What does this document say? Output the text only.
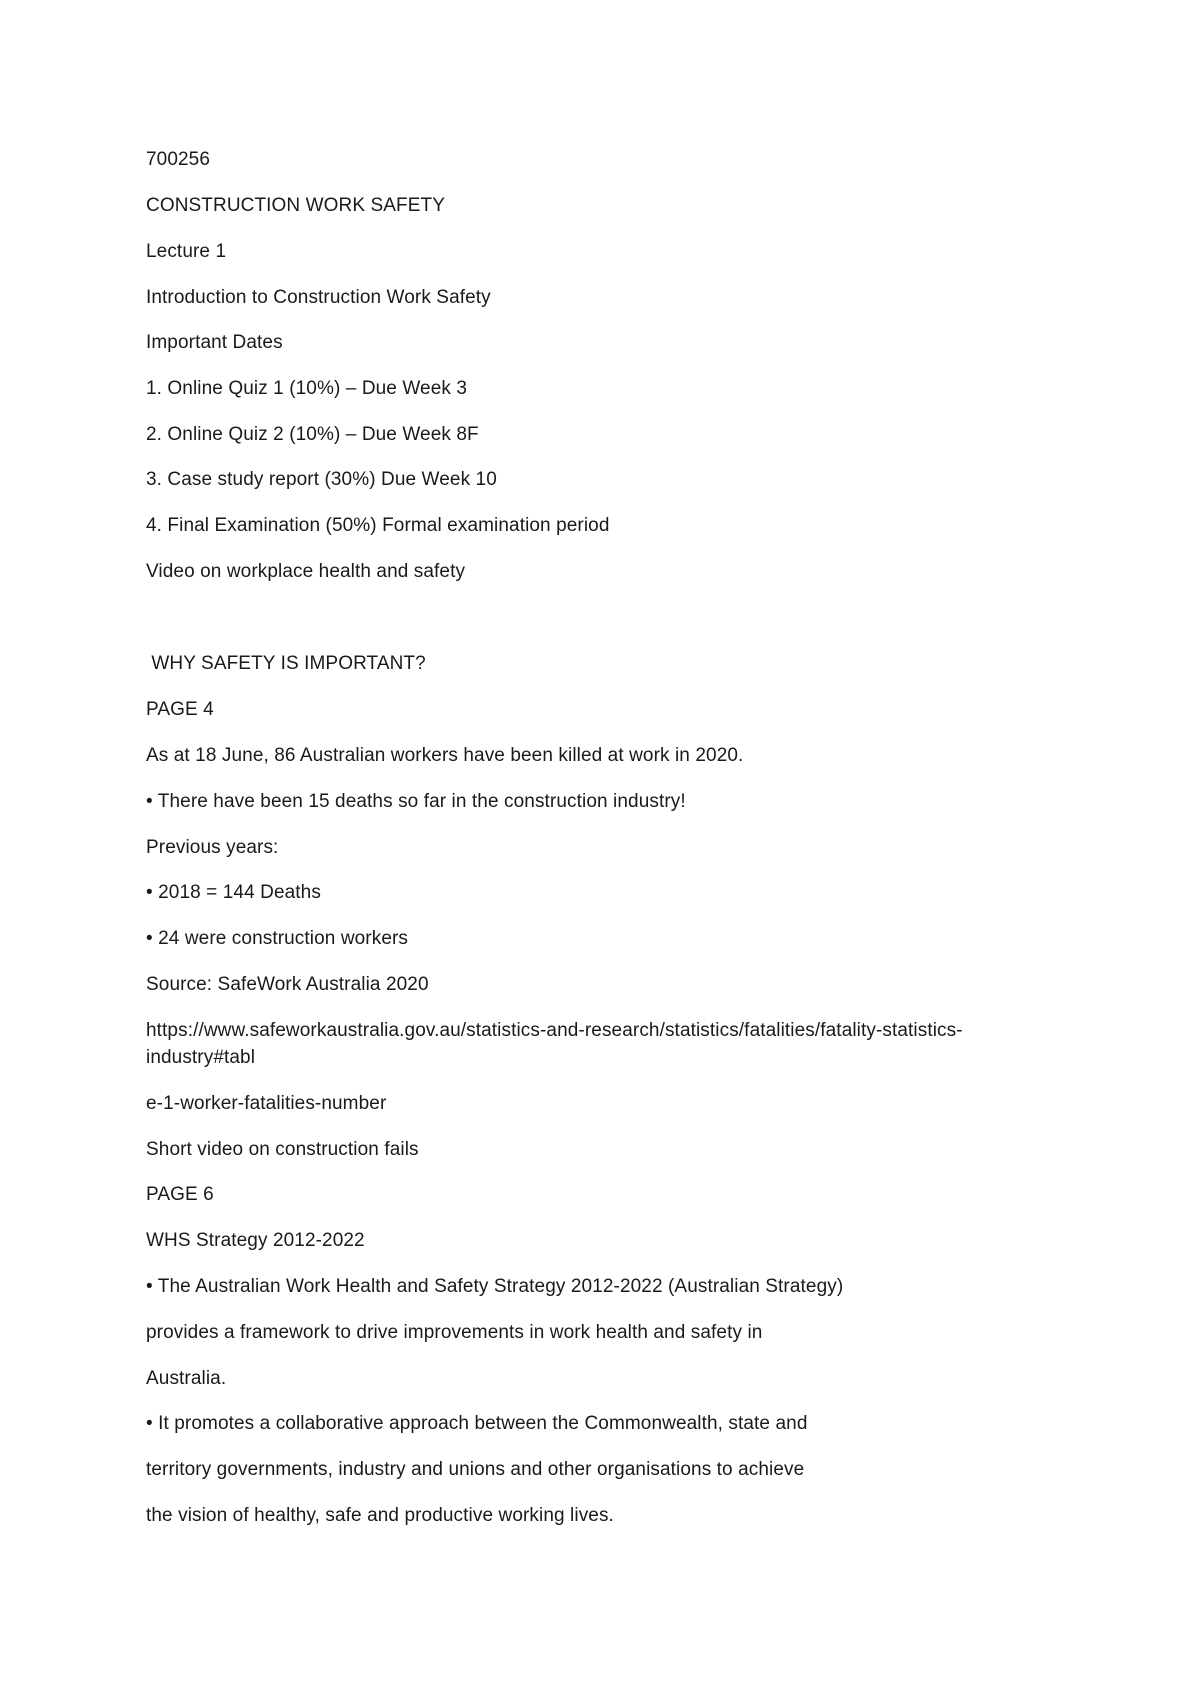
700256
CONSTRUCTION WORK SAFETY
Lecture 1
Introduction to Construction Work Safety
Important Dates
1. Online Quiz 1 (10%) – Due Week 3
2. Online Quiz 2 (10%) – Due Week 8F
3. Case study report (30%) Due Week 10
4. Final Examination (50%) Formal examination period
Video on workplace health and safety
WHY SAFETY IS IMPORTANT?
PAGE 4
As at 18 June, 86 Australian workers have been killed at work in 2020.
• There have been 15 deaths so far in the construction industry!
Previous years:
• 2018 = 144 Deaths
• 24 were construction workers
Source: SafeWork Australia 2020
https://www.safeworkaustralia.gov.au/statistics-and-research/statistics/fatalities/fatality-statistics-
industry#tabl
e-1-worker-fatalities-number
Short video on construction fails
PAGE 6
WHS Strategy 2012-2022
• The Australian Work Health and Safety Strategy 2012-2022 (Australian Strategy)
provides a framework to drive improvements in work health and safety in
Australia.
• It promotes a collaborative approach between the Commonwealth, state and
territory governments, industry and unions and other organisations to achieve
the vision of healthy, safe and productive working lives.
